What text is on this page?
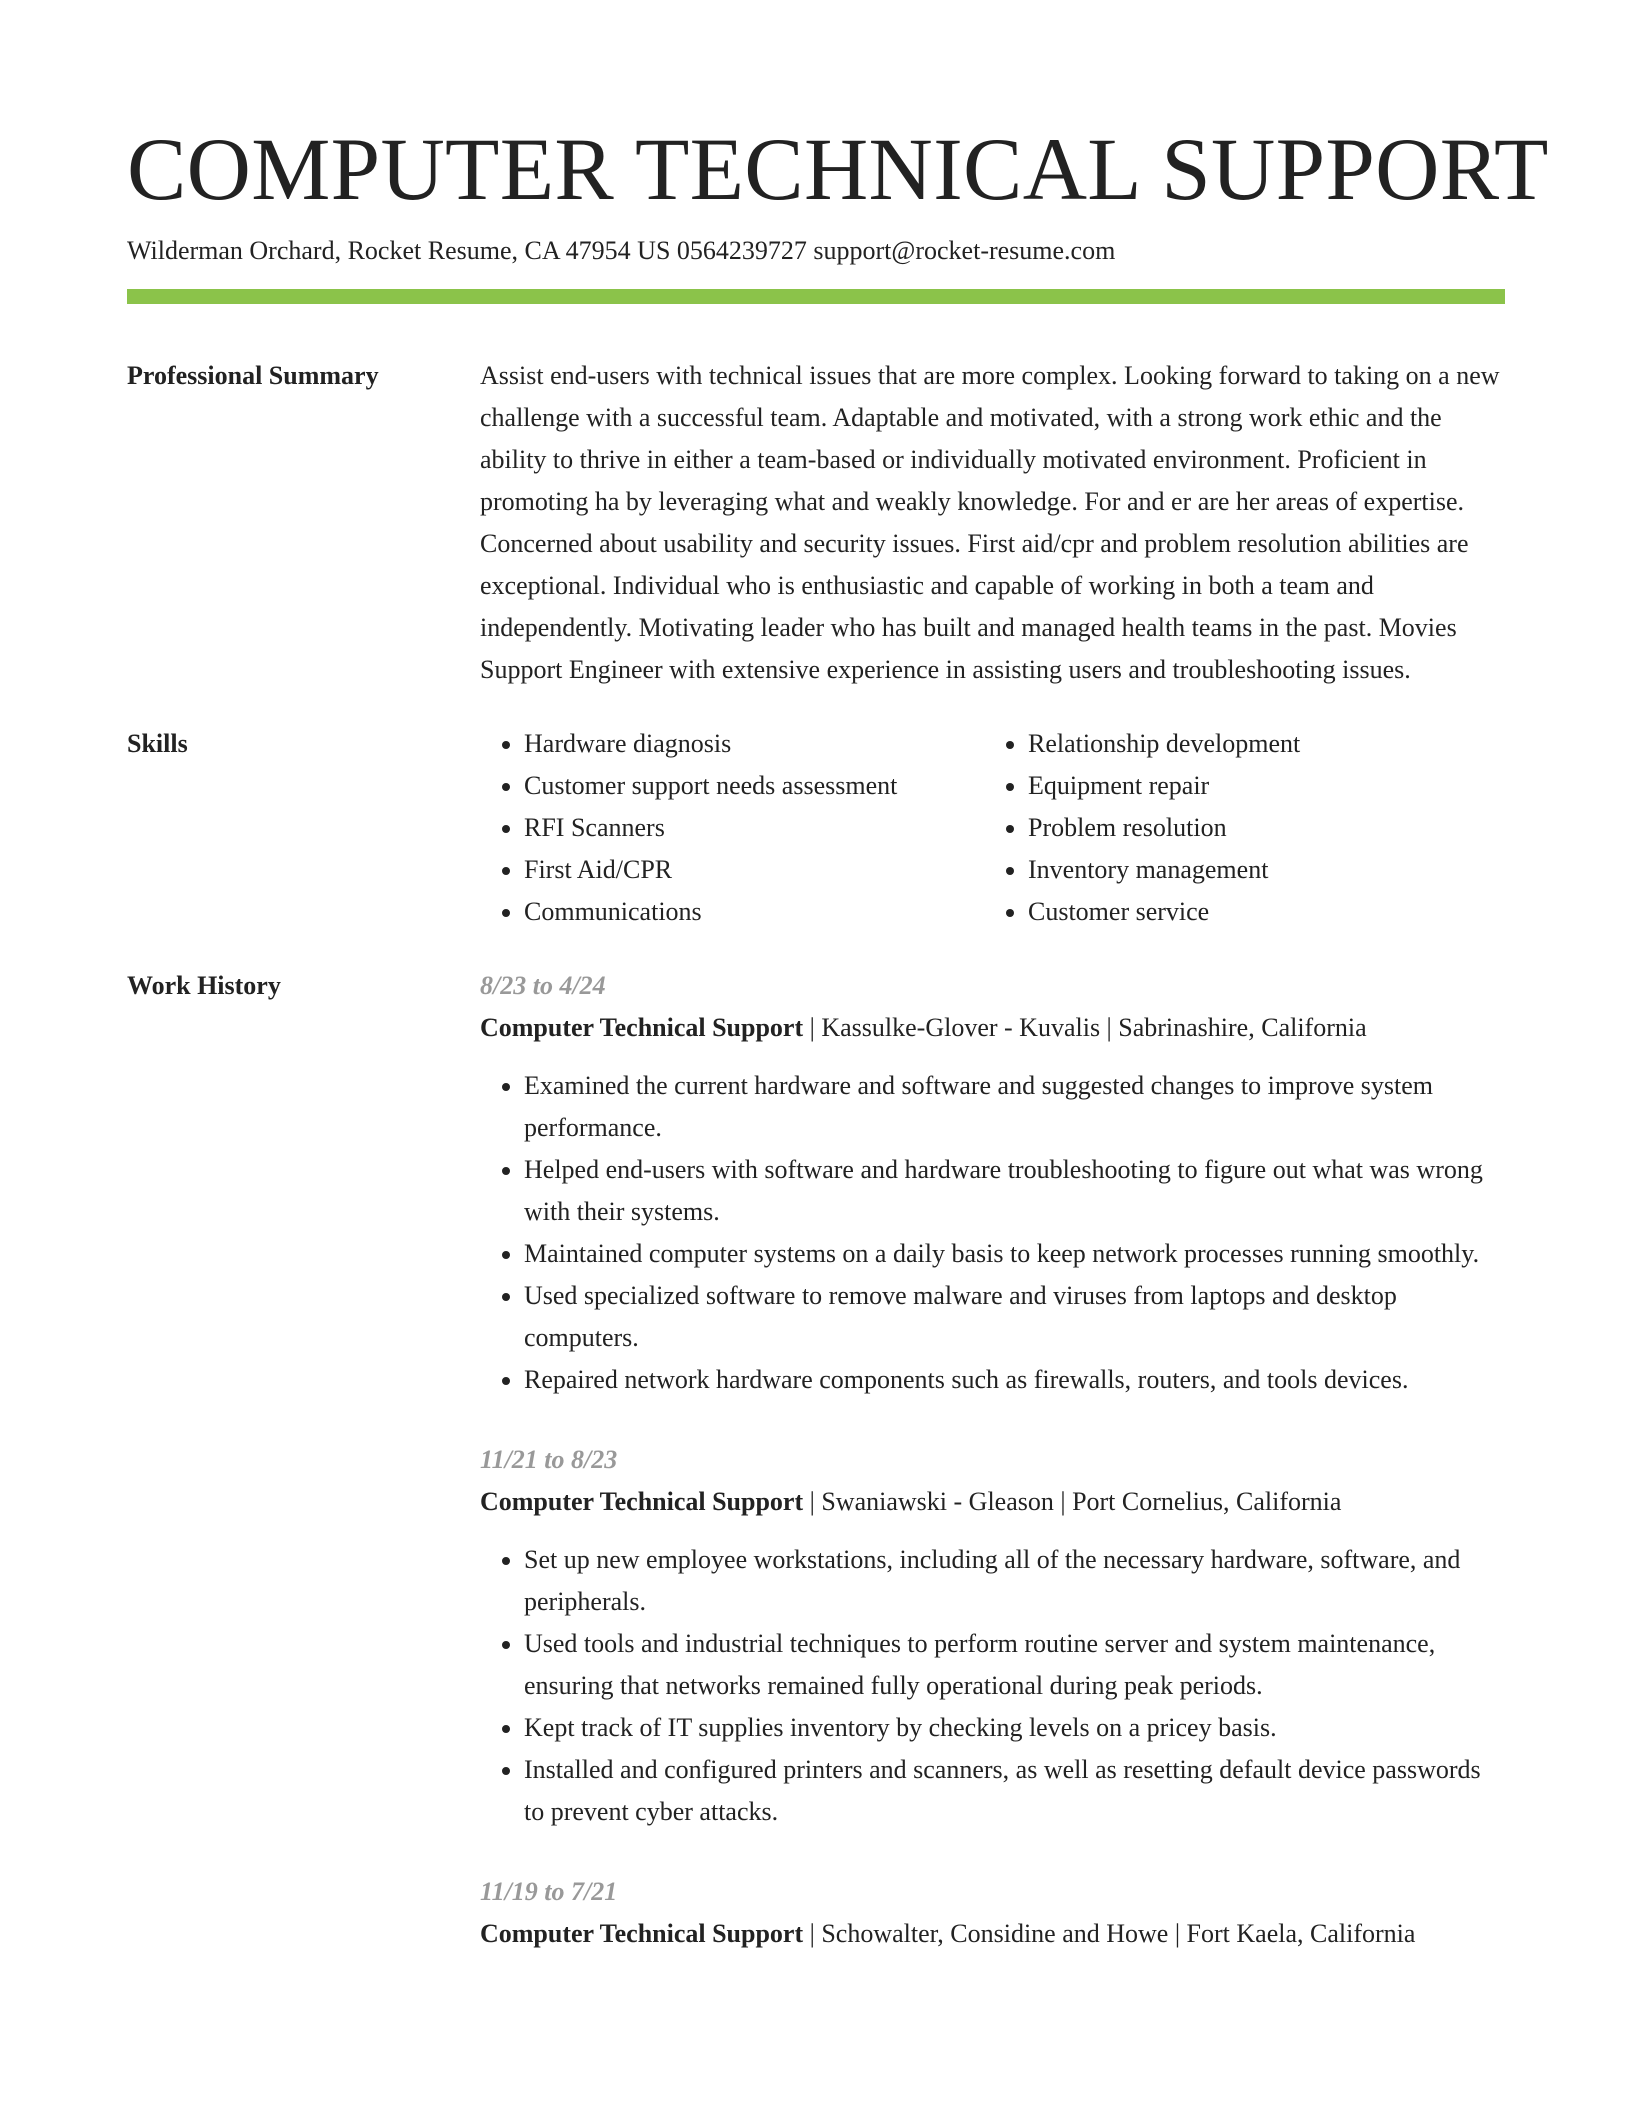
COMPUTER TECHNICAL SUPPORT
Wilderman Orchard, Rocket Resume, CA 47954 US 0564239727 support@rocket-resume.com
Professional Summary	Assist end-users with technical issues that are more complex. Looking forward to taking on a new challenge with a successful team. Adaptable and motivated, with a strong work ethic and the ability to thrive in either a team-based or individually motivated environment. Proficient in promoting ha by leveraging what and weakly knowledge. For and er are her areas of expertise. Concerned about usability and security issues. First aid/cpr and problem resolution abilities are exceptional. Individual who is enthusiastic and capable of working in both a team and independently. Motivating leader who has built and managed health teams in the past. Movies Support Engineer with extensive experience in assisting users and troubleshooting issues.

Skills
•	Hardware diagnosis
• Customer support needs assessment
• RFI Scanners
• First Aid/CPR
• Communications
• Relationship development
• Equipment repair
• Problem resolution
• Inventory management
• Customer service
Work History	8/23 to 4/24
Computer Technical Support | Kassulke-Glover - Kuvalis | Sabrinashire, California
• Examined the current hardware and software and suggested changes to improve system performance.
• Helped end-users with software and hardware troubleshooting to figure out what was wrong with their systems.
• Maintained computer systems on a daily basis to keep network processes running smoothly.
• Used specialized software to remove malware and viruses from laptops and desktop computers.
• Repaired network hardware components such as firewalls, routers, and tools devices.
11/21 to 8/23
Computer Technical Support | Swaniawski - Gleason | Port Cornelius, California
• Set up new employee workstations, including all of the necessary hardware, software, and peripherals.
• Used tools and industrial techniques to perform routine server and system maintenance, ensuring that networks remained fully operational during peak periods.
• Kept track of IT supplies inventory by checking levels on a pricey basis.
• Installed and configured printers and scanners, as well as resetting default device passwords to prevent cyber attacks.
11/19 to 7/21
Computer Technical Support | Schowalter, Considine and Howe | Fort Kaela, California
